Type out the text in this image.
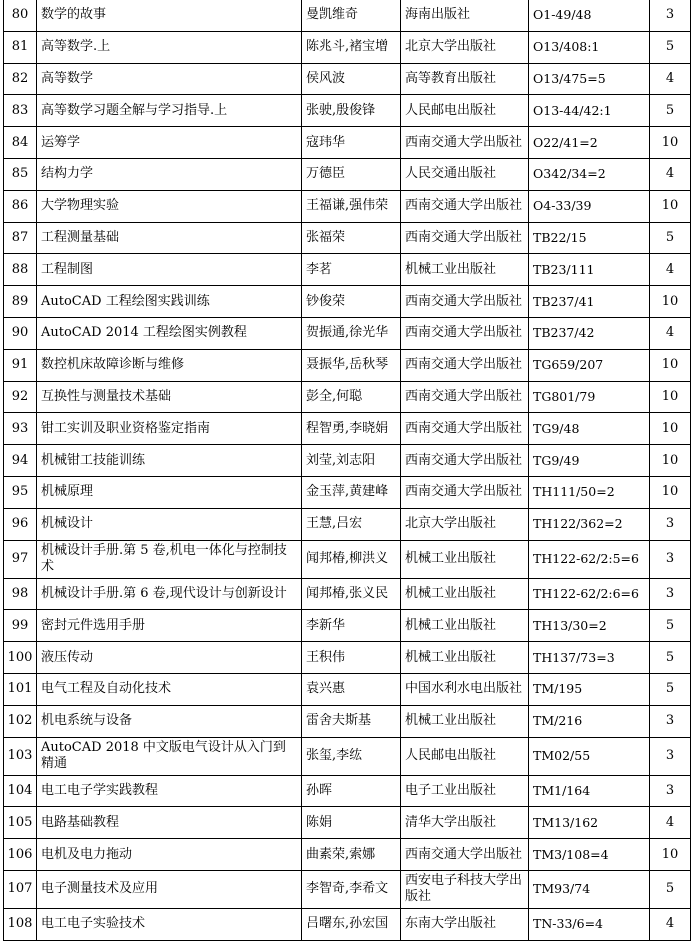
80	数学的故事	曼凯维奇	海南出版社	O1-49/48	3
81	高等数学.上	陈兆斗,褚宝增	北京大学出版社	O13/408:1	5
82	高等数学	侯风波	高等教育出版社	O13/475=5	4
83	高等数学习题全解与学习指导.上	张驶,殷俊锋	人民邮电出版社	O13-44/42:1	5
84	运筹学	寇玮华	西南交通大学出版社	O22/41=2	10
85	结构力学	万德臣	人民交通出版社	O342/34=2	4
86	大学物理实验	王福谦,强伟荣	西南交通大学出版社	O4-33/39	10
87	工程测量基础	张福荣	西南交通大学出版社	TB22/15	5
88	工程制图	李茗	机械工业出版社	TB23/111	4
89	AutoCAD 工程绘图实践训练	钞俊荣	西南交通大学出版社	TB237/41	10
90	AutoCAD 2014 工程绘图实例教程	贺振通,徐光华	西南交通大学出版社	TB237/42	4
91	数控机床故障诊断与维修	聂振华,岳秋琴	西南交通大学出版社	TG659/207	10
92	互换性与测量技术基础	彭全,何聪	西南交通大学出版社	TG801/79	10
93	钳工实训及职业资格鉴定指南	程智勇,李晓娟	西南交通大学出版社	TG9/48	10
94	机械钳工技能训练	刘莹,刘志阳	西南交通大学出版社	TG9/49	10
95	机械原理	金玉萍,黄建峰	西南交通大学出版社	TH111/50=2	10
96	机械设计	王慧,吕宏	北京大学出版社	TH122/362=2	3
97	机械设计手册.第 5 卷,机电一体化与控制技术	闻邦椿,柳洪义	机械工业出版社	TH122-62/2:5=6	3
98	机械设计手册.第 6 卷,现代设计与创新设计	闻邦椿,张义民	机械工业出版社	TH122-62/2:6=6	3
99	密封元件选用手册	李新华	机械工业出版社	TH13/30=2	5
100	液压传动	王积伟	机械工业出版社	TH137/73=3	5
101	电气工程及自动化技术	袁兴惠	中国水利水电出版社	TM/195	5
102	机电系统与设备	雷舍夫斯基	机械工业出版社	TM/216	3
103	AutoCAD 2018 中文版电气设计从入门到精通	张玺,李纮	人民邮电出版社	TM02/55	3
104	电工电子学实践教程	孙晖	电子工业出版社	TM1/164	3
105	电路基础教程	陈娟	清华大学出版社	TM13/162	4
106	电机及电力拖动	曲素荣,索娜	西南交通大学出版社	TM3/108=4	10
107	电子测量技术及应用	李智奇,李希文	西安电子科技大学出版社	TM93/74	5
108	电工电子实验技术	吕曙东,孙宏国	东南大学出版社	TN-33/6=4	4
